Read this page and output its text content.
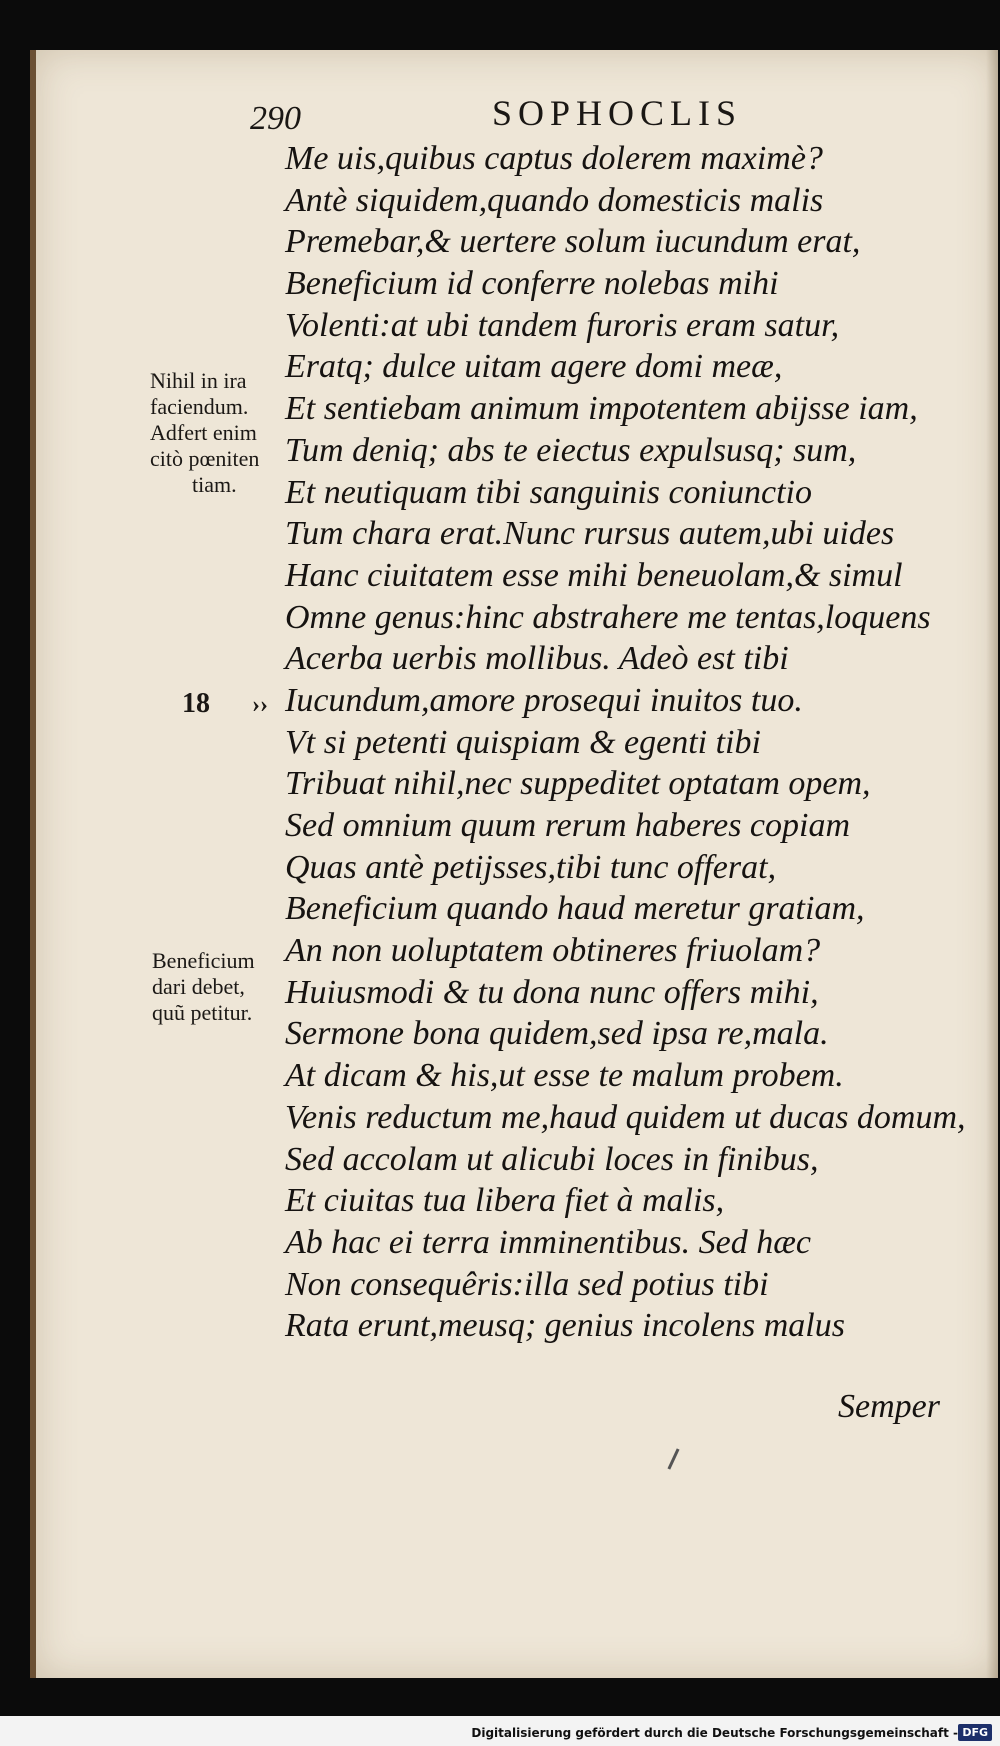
290	SOPHOCLIS
Me uis,quibus captus dolerem maximè?
Antè siquidem,quando domesticis malis
Premebar,& uertere solum iucundum erat,
Beneficium id conferre nolebas mihi
Volenti:at ubi tandem furoris eram satur,
Eratq; dulce uitam agere domi meæ,
Et sentiebam animum impotentem abijsse iam,
Tum deniq; abs te eiectus expulsusq; sum,
Et neutiquam tibi sanguinis coniunctio
Tum chara erat.Nunc rursus autem,ubi uides
Hanc ciuitatem esse mihi beneuolam,& simul
Omne genus:hinc abstrahere me tentas,loquens
Acerba uerbis mollibus. Adeò est tibi
Iucundum,amore prosequi inuitos tuo.
Vt si petenti quispiam & egenti tibi
Tribuat nihil,nec suppeditet optatam opem,
Sed omnium quum rerum haberes copiam
Quas antè petijsses,tibi tunc offerat,
Beneficium quando haud meretur gratiam,
An non uoluptatem obtineres friuolam?
Huiusmodi & tu dona nunc offers mihi,
Sermone bona quidem,sed ipsa re,mala.
At dicam & his,ut esse te malum probem.
Venis reductum me,haud quidem ut ducas domum,
Sed accolam ut alicubi loces in finibus,
Et ciuitas tua libera fiet à malis,
Ab hac ei terra imminentibus. Sed hæc
Non consequêris:illa sed potius tibi
Rata erunt,meusq; genius incolens malus
Nihil in ira
faciendum.
Adfert enim
citò pœniten
tiam.
18 ››
Beneficium
dari debet,
quũ petitur.
Semper
Digitalisierung gefördert durch die Deutsche Forschungsgemeinschaft - DFG
